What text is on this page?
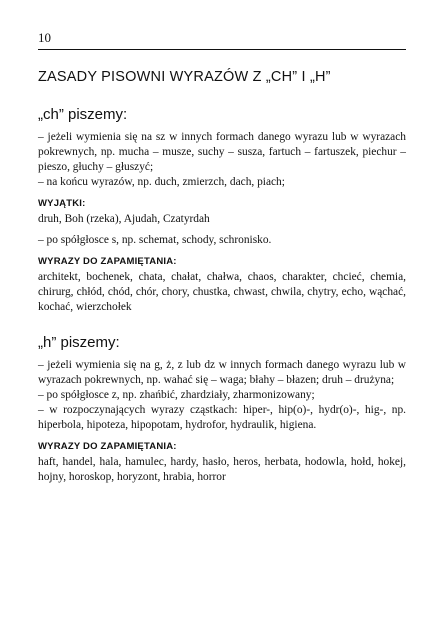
10
ZASADY PISOWNI WYRAZÓW Z „CH” I „H”
„ch” piszemy:

– jeżeli wymienia się na sz w innych formach danego wyrazu lub w wyrazach pokrewnych, np. mucha – musze, suchy – susza, fartuch – fartuszek, piechur – pieszo, głuchy – głuszyć;

– na końcu wyrazów, np. duch, zmierzch, dach, piach;

WYJĄTKI:

druh, Boh (rzeka), Ajudah, Czatyrdah

– po spółgłosce s, np. schemat, schody, schronisko.

WYRAZY DO ZAPAMIĘTANIA:

architekt, bochenek, chata, chałat, chałwa, chaos, charakter, chcieć, chemia, chirurg, chłód, chód, chór, chory, chustka, chwast, chwila, chytry, echo, wąchać, kochać, wierzchołek

„h” piszemy:

– jeżeli wymienia się na g, ż, z lub dz w innych formach danego wyrazu lub w wyrazach pokrewnych, np. wahać się – waga; błahy – błazen; druh – drużyna;

– po spółgłosce z, np. zhańbić, zhardziały, zharmonizowany;

– w rozpoczynających wyrazy cząstkach: hiper-, hip(o)-, hydr(o)-, hig-, np. hiperbola, hipoteza, hipopotam, hydrofor, hydraulik, higiena.

WYRAZY DO ZAPAMIĘTANIA:

haft, handel, hala, hamulec, hardy, hasło, heros, herbata, hodowla, hołd, hokej, hojny, horoskop, horyzont, hrabia, horror
